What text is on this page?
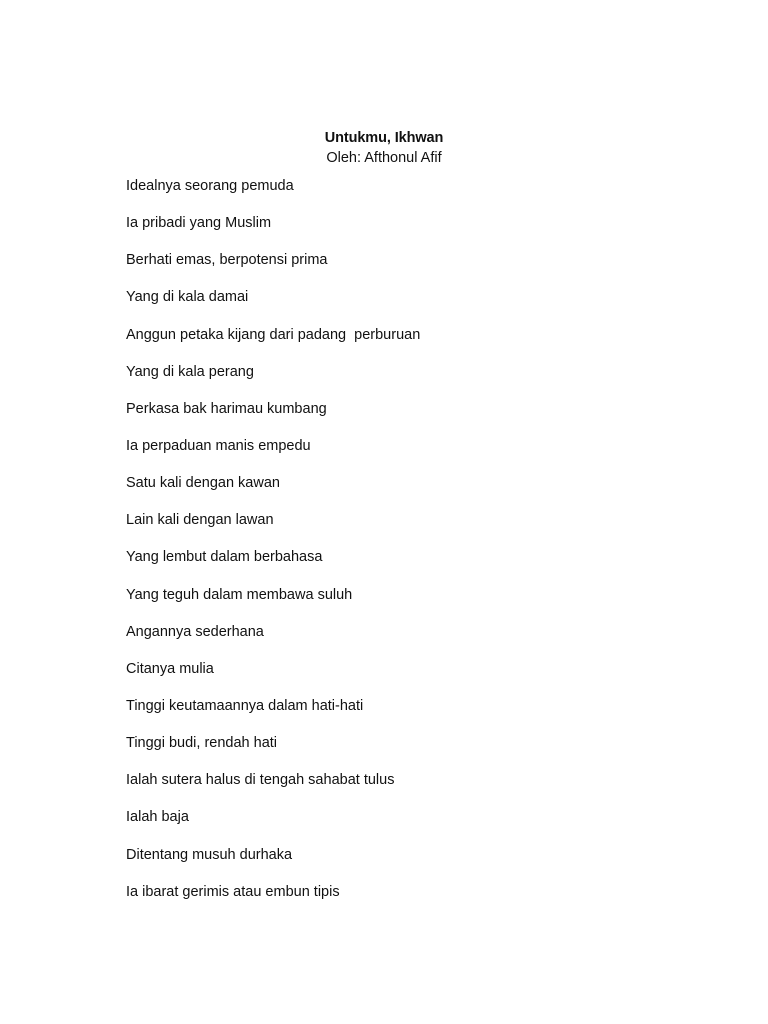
Untukmu, Ikhwan
Oleh: Afthonul Afif
Idealnya seorang pemuda
Ia pribadi yang Muslim
Berhati emas, berpotensi prima
Yang di kala damai
Anggun petaka kijang dari padang  perburuan
Yang di kala perang
Perkasa bak harimau kumbang
Ia perpaduan manis empedu
Satu kali dengan kawan
Lain kali dengan lawan
Yang lembut dalam berbahasa
Yang teguh dalam membawa suluh
Angannya sederhana
Citanya mulia
Tinggi keutamaannya dalam hati-hati
Tinggi budi, rendah hati
Ialah sutera halus di tengah sahabat tulus
Ialah baja
Ditentang musuh durhaka
Ia ibarat gerimis atau embun tipis
